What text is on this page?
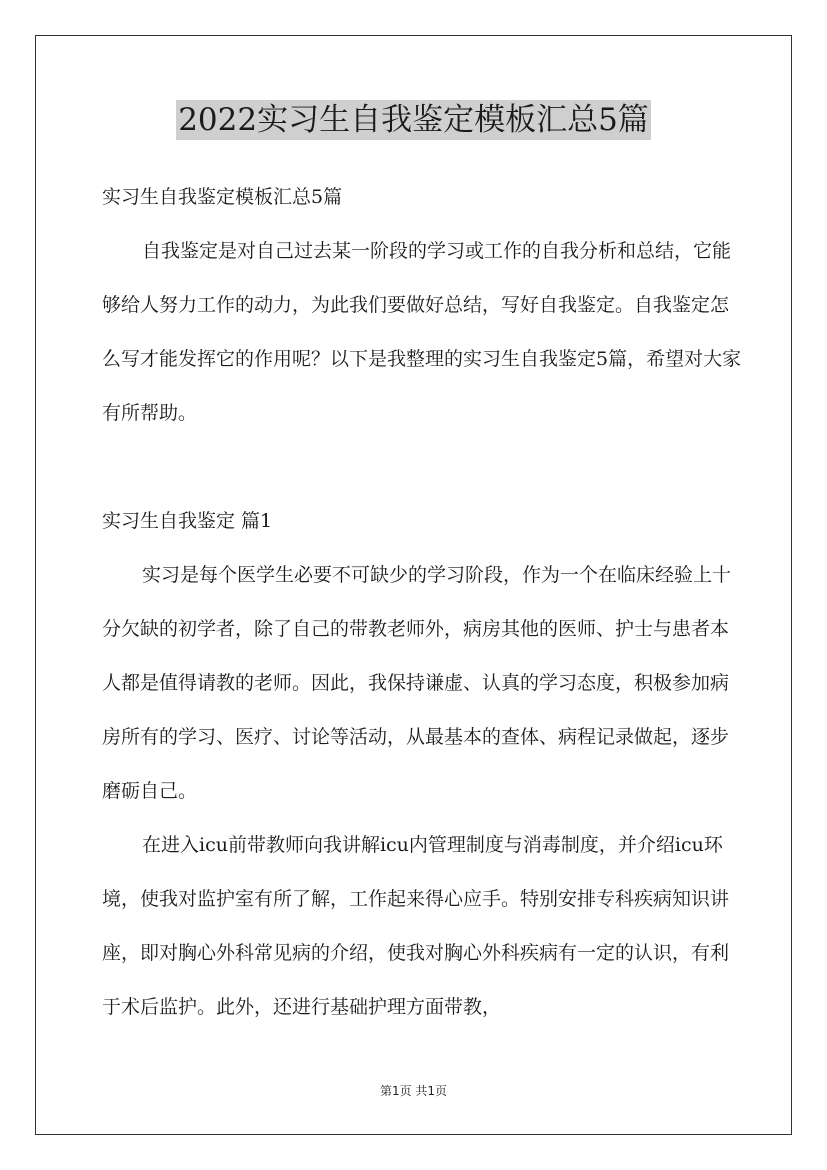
2022实习生自我鉴定模板汇总5篇

实习生自我鉴定模板汇总5篇

自我鉴定是对自己过去某一阶段的学习或工作的自我分析和总结，它能够给人努力工作的动力，为此我们要做好总结，写好自我鉴定。自我鉴定怎么写才能发挥它的作用呢？以下是我整理的实习生自我鉴定5篇，希望对大家有所帮助。

实习生自我鉴定 篇1

实习是每个医学生必要不可缺少的学习阶段，作为一个在临床经验上十分欠缺的初学者，除了自己的带教老师外，病房其他的医师、护士与患者本人都是值得请教的老师。因此，我保持谦虚、认真的学习态度，积极参加病房所有的学习、医疗、讨论等活动，从最基本的查体、病程记录做起，逐步磨砺自己。

在进入icu前带教师向我讲解icu内管理制度与消毒制度，并介绍icu环境，使我对监护室有所了解，工作起来得心应手。特别安排专科疾病知识讲座，即对胸心外科常见病的介绍，使我对胸心外科疾病有一定的认识，有利于术后监护。此外，还进行基础护理方面带教，

第1页 共1页
